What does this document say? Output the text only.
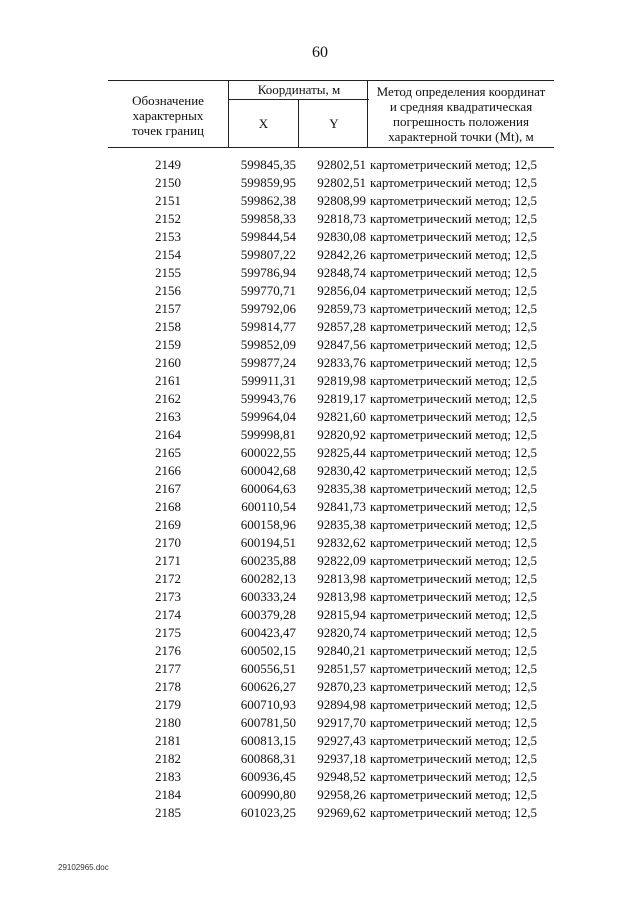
60
Обозначение
характерных
точек границ
Координаты, м
X	Y
Метод определения координат
и средняя квадратическая
погрешность положения
характерной точки (Mt), м
2149	599845,35	92802,51 картометрический метод; 12,5
2150	599859,95	92802,51 картометрический метод; 12,5
2151	599862,38	92808,99 картометрический метод; 12,5
2152	599858,33	92818,73 картометрический метод; 12,5
2153	599844,54	92830,08 картометрический метод; 12,5
2154	599807,22	92842,26 картометрический метод; 12,5
2155	599786,94	92848,74 картометрический метод; 12,5
2156	599770,71	92856,04 картометрический метод; 12,5
2157	599792,06	92859,73 картометрический метод; 12,5
2158	599814,77	92857,28 картометрический метод; 12,5
2159	599852,09	92847,56 картометрический метод; 12,5
2160	599877,24	92833,76 картометрический метод; 12,5
2161	599911,31	92819,98 картометрический метод; 12,5
2162	599943,76	92819,17 картометрический метод; 12,5
2163	599964,04	92821,60 картометрический метод; 12,5
2164	599998,81	92820,92 картометрический метод; 12,5
2165	600022,55	92825,44 картометрический метод; 12,5
2166	600042,68	92830,42 картометрический метод; 12,5
2167	600064,63	92835,38 картометрический метод; 12,5
2168	600110,54	92841,73 картометрический метод; 12,5
2169	600158,96	92835,38 картометрический метод; 12,5
2170	600194,51	92832,62 картометрический метод; 12,5
2171	600235,88	92822,09 картометрический метод; 12,5
2172	600282,13	92813,98 картометрический метод; 12,5
2173	600333,24	92813,98 картометрический метод; 12,5
2174	600379,28	92815,94 картометрический метод; 12,5
2175	600423,47	92820,74 картометрический метод; 12,5
2176	600502,15	92840,21 картометрический метод; 12,5
2177	600556,51	92851,57 картометрический метод; 12,5
2178	600626,27	92870,23 картометрический метод; 12,5
2179	600710,93	92894,98 картометрический метод; 12,5
2180	600781,50	92917,70 картометрический метод; 12,5
2181	600813,15	92927,43 картометрический метод; 12,5
2182	600868,31	92937,18 картометрический метод; 12,5
2183	600936,45	92948,52 картометрический метод; 12,5
2184	600990,80	92958,26 картометрический метод; 12,5
2185	601023,25	92969,62 картометрический метод; 12,5
29102965.doc
